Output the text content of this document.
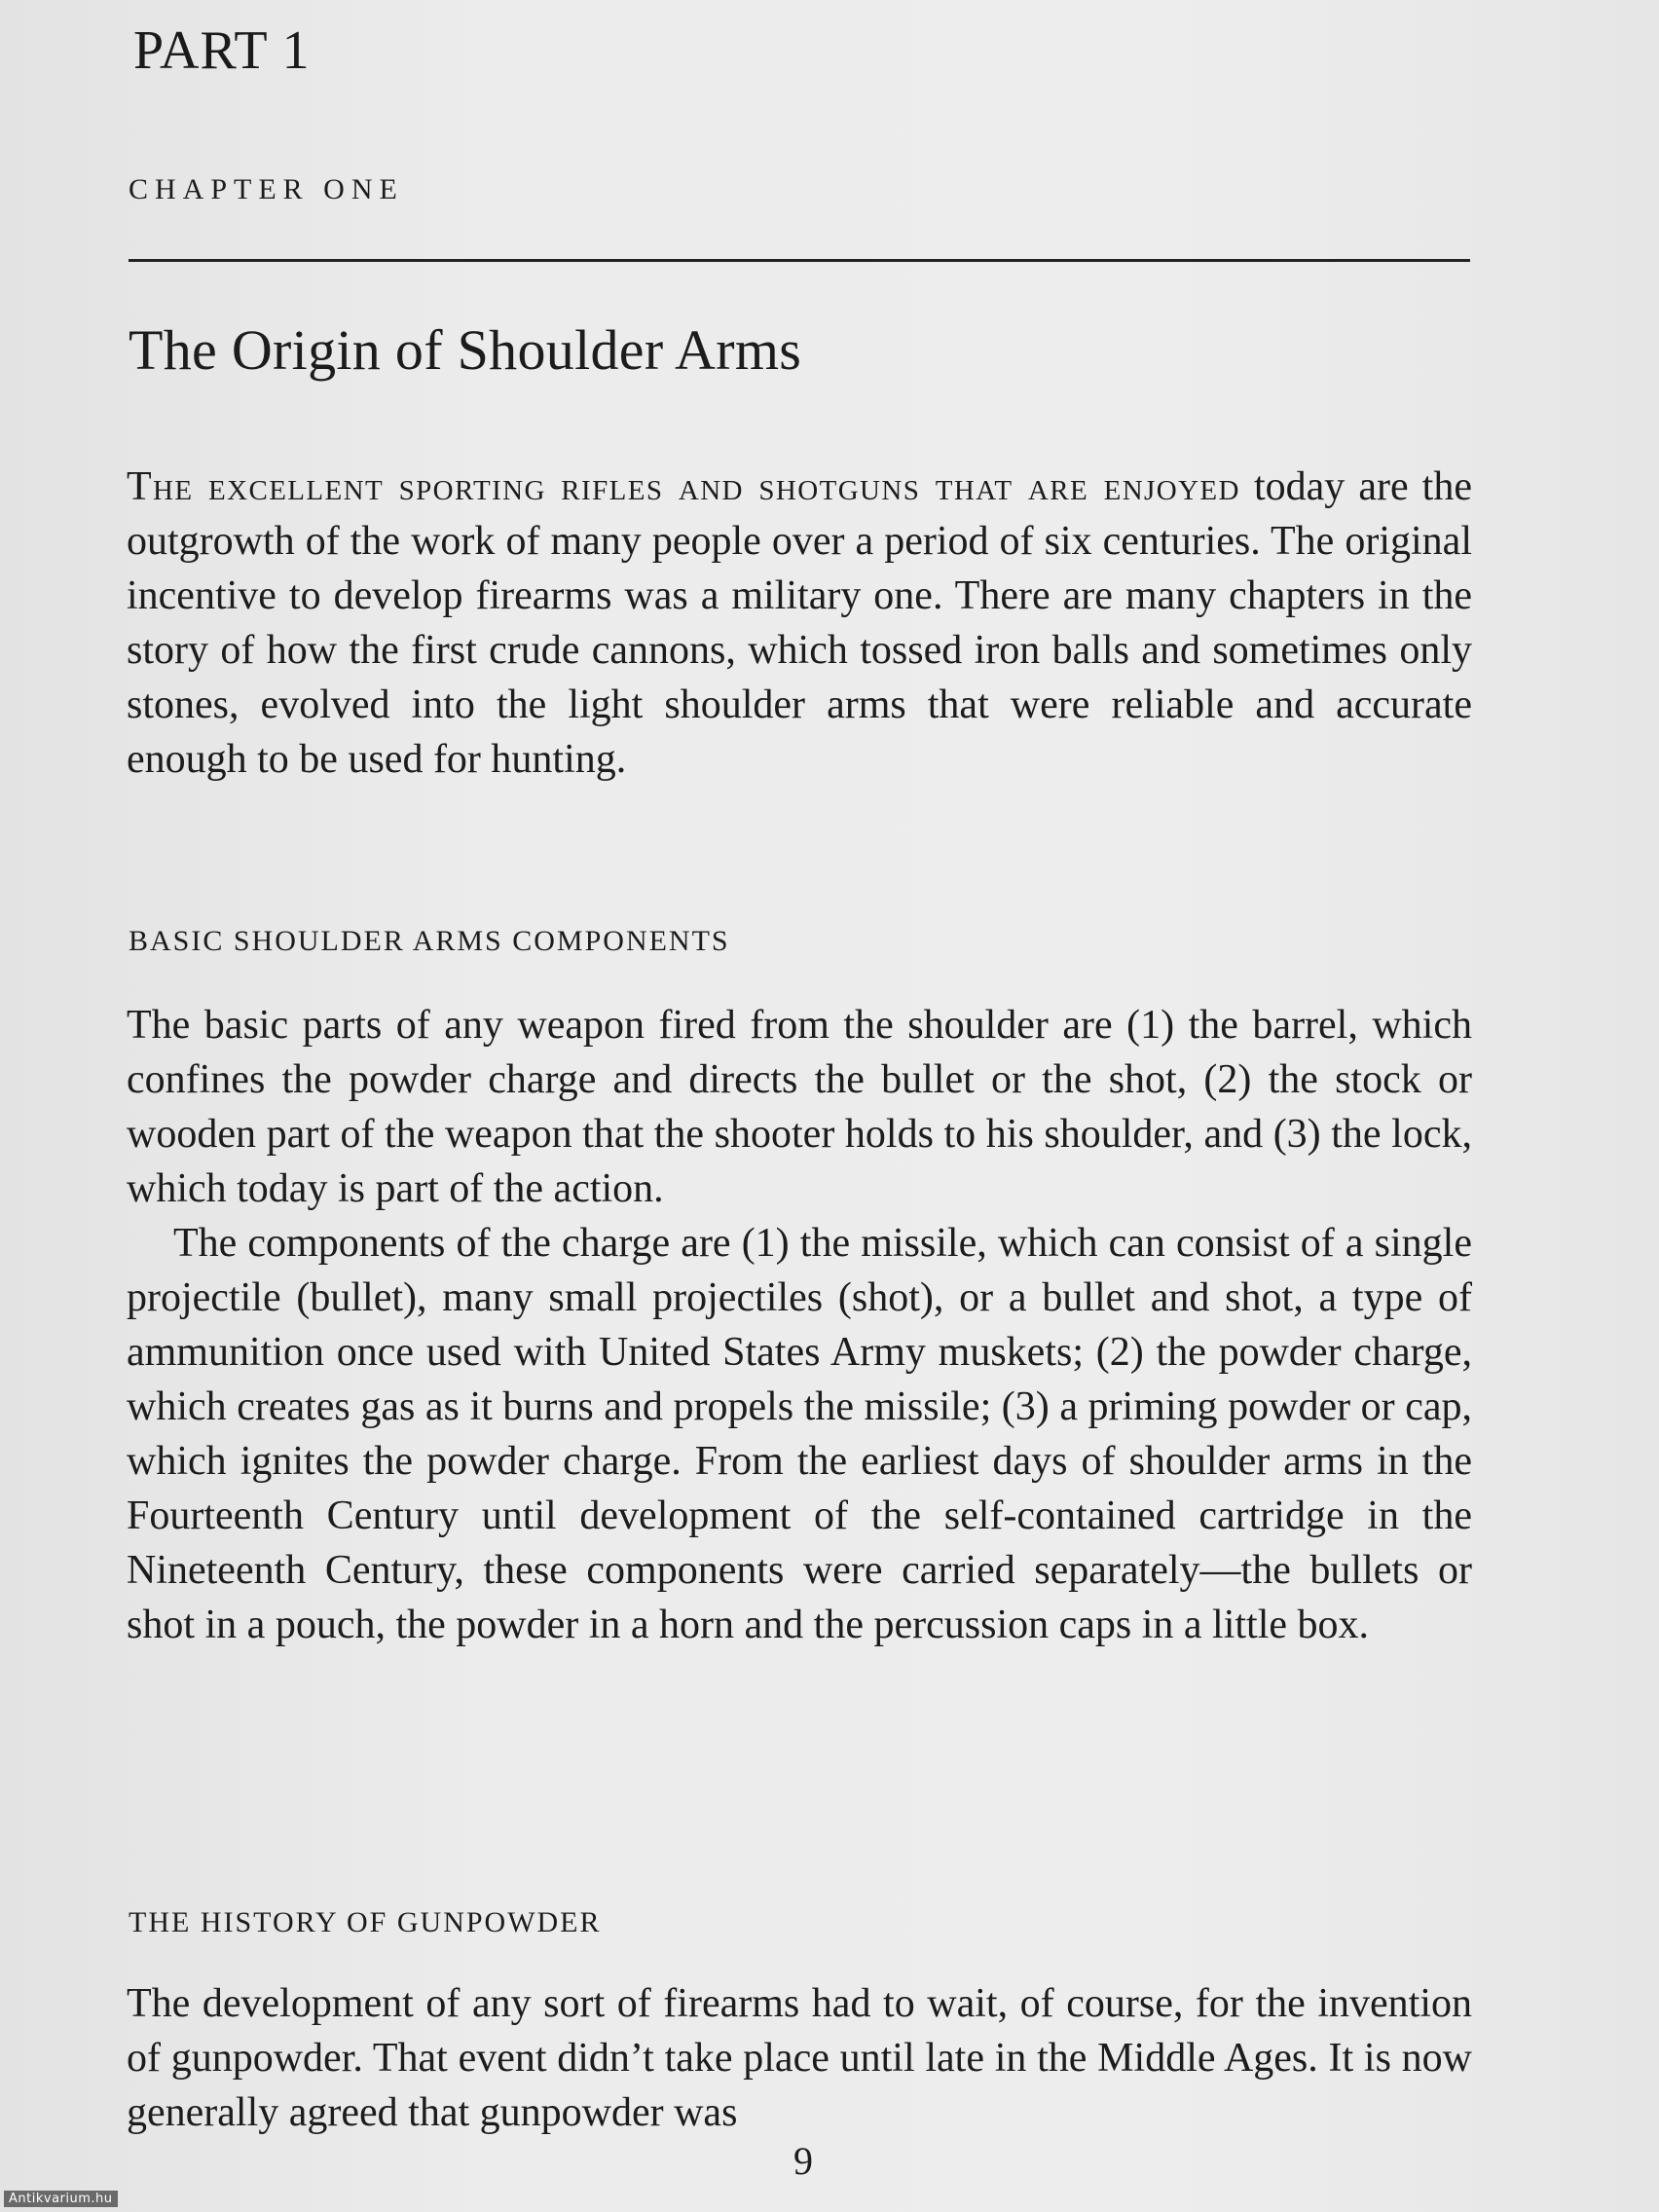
PART 1
CHAPTER ONE
The Origin of Shoulder Arms

The excellent sporting rifles and shotguns that are enjoyed today are the outgrowth of the work of many people over a period of six centuries. The original incentive to develop firearms was a military one. There are many chapters in the story of how the first crude cannons, which tossed iron balls and sometimes only stones, evolved into the light shoulder arms that were reliable and accurate enough to be used for hunting.

BASIC SHOULDER ARMS COMPONENTS

The basic parts of any weapon fired from the shoulder are (1) the barrel, which confines the powder charge and directs the bullet or the shot, (2) the stock or wooden part of the weapon that the shooter holds to his shoulder, and (3) the lock, which today is part of the action.

The components of the charge are (1) the missile, which can consist of a single projectile (bullet), many small projectiles (shot), or a bullet and shot, a type of ammunition once used with United States Army muskets; (2) the powder charge, which creates gas as it burns and propels the missile; (3) a priming powder or cap, which ignites the powder charge. From the earliest days of shoulder arms in the Fourteenth Century until development of the self-contained cartridge in the Nineteenth Century, these components were carried separately—the bullets or shot in a pouch, the powder in a horn and the percussion caps in a little box.

THE HISTORY OF GUNPOWDER

The development of any sort of firearms had to wait, of course, for the invention of gunpowder. That event didn’t take place until late in the Middle Ages. It is now generally agreed that gunpowder was

9
Antikvarium.hu
